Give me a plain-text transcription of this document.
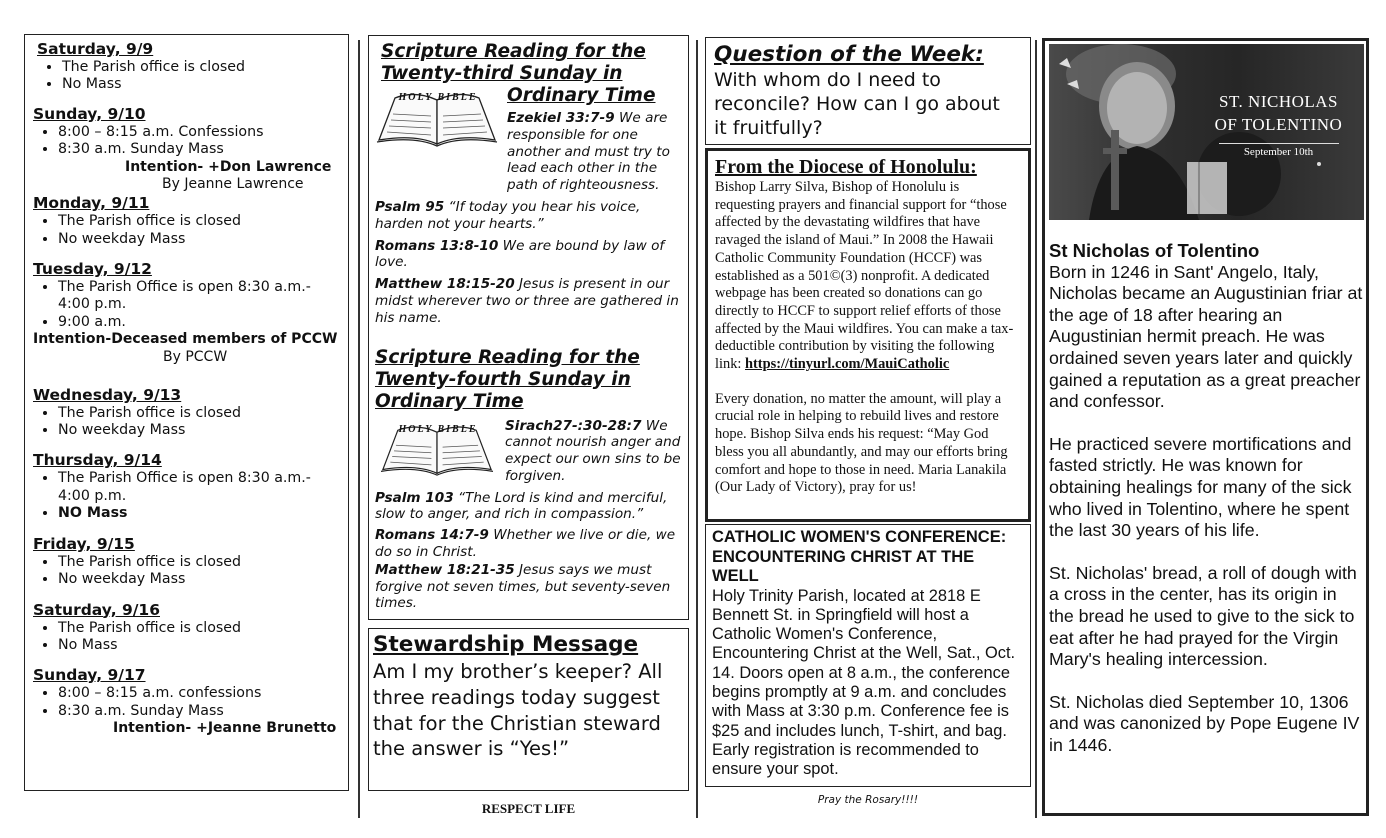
Saturday, 9/9

• The Parish office is closed
• No Mass

Sunday, 9/10

• 8:00 – 8:15 a.m. Confessions
• 8:30 a.m. Sunday Mass
Intention- +Don Lawrence
By Jeanne Lawrence

Monday, 9/11

• The Parish office is closed
• No weekday Mass

Tuesday, 9/12

• The Parish Office is open 8:30 a.m.- 4:00 p.m.
• 9:00 a.m.
Intention-Deceased members of PCCW
By PCCW

Wednesday, 9/13

• The Parish office is closed
• No weekday Mass

Thursday, 9/14

• The Parish Office is open 8:30 a.m.- 4:00 p.m.
• NO Mass

Friday, 9/15

• The Parish office is closed
• No weekday Mass

Saturday, 9/16

• The Parish office is closed
• No Mass

Sunday, 9/17

• 8:00 – 8:15 a.m. confessions
• 8:30 a.m. Sunday Mass
Intention- +Jeanne Brunetto
Scripture Reading for the Twenty-third Sunday in
Ordinary Time
HOLY BIBLE
Ezekiel 33:7-9 We are responsible for one another and must try to lead each other in the path of righteousness.
Psalm 95 “If today you hear his voice, harden not your hearts.”
Romans 13:8-10 We are bound by law of love.
Matthew 18:15-20 Jesus is present in our midst wherever two or three are gathered in his name.
Scripture Reading for the Twenty-fourth Sunday in Ordinary Time
HOLY BIBLE	Sirach27-:30-28:7 We cannot nourish anger and expect our own sins to be forgiven.
Psalm 103 “The Lord is kind and merciful, slow to anger, and rich in compassion.”
Romans 14:7-9 Whether we live or die, we do so in Christ.
Matthew 18:21-35 Jesus says we must forgive not seven times, but seventy-seven times.
Stewardship Message
Am I my brother’s keeper? All three readings today suggest that for the Christian steward the answer is “Yes!”
RESPECT LIFE
Question of the Week:
With whom do I need to reconcile? How can I go about it fruitfully?
From the Diocese of Honolulu:
Bishop Larry Silva, Bishop of Honolulu is requesting prayers and financial support for “those affected by the devastating wildfires that have ravaged the island of Maui.” In 2008 the Hawaii Catholic Community Foundation (HCCF) was established as a 501©(3) nonprofit. A dedicated webpage has been created so donations can go directly to HCCF to support relief efforts of those affected by the Maui wildfires. You can make a tax-deductible contribution by visiting the following
link: https://tinyurl.com/MauiCatholic
Every donation, no matter the amount, will play a crucial role in helping to rebuild lives and restore hope. Bishop Silva ends his request: “May God bless you all abundantly, and may our efforts bring comfort and hope to those in need. Maria Lanakila (Our Lady of Victory), pray for us!
CATHOLIC WOMEN'S CONFERENCE: ENCOUNTERING CHRIST AT THE WELL
Holy Trinity Parish, located at 2818 E Bennett St. in Springfield will host a Catholic Women's Conference, Encountering Christ at the Well, Sat., Oct. 14. Doors open at 8 a.m., the conference begins promptly at 9 a.m. and concludes with Mass at 3:30 p.m. Conference fee is $25 and includes lunch, T-shirt, and bag. Early registration is recommended to ensure your spot.
Pray the Rosary!!!!
ST. NICHOLAS
OF TOLENTINO
September 10th
St Nicholas of Tolentino
Born in 1246 in Sant' Angelo, Italy, Nicholas became an Augustinian friar at the age of 18 after hearing an Augustinian hermit preach. He was ordained seven years later and quickly gained a reputation as a great preacher and confessor.
He practiced severe mortifications and fasted strictly. He was known for obtaining healings for many of the sick who lived in Tolentino, where he spent the last 30 years of his life.
St. Nicholas' bread, a roll of dough with a cross in the center, has its origin in the bread he used to give to the sick to eat after he had prayed for the Virgin Mary's healing intercession.
St. Nicholas died September 10, 1306 and was canonized by Pope Eugene IV in 1446.
